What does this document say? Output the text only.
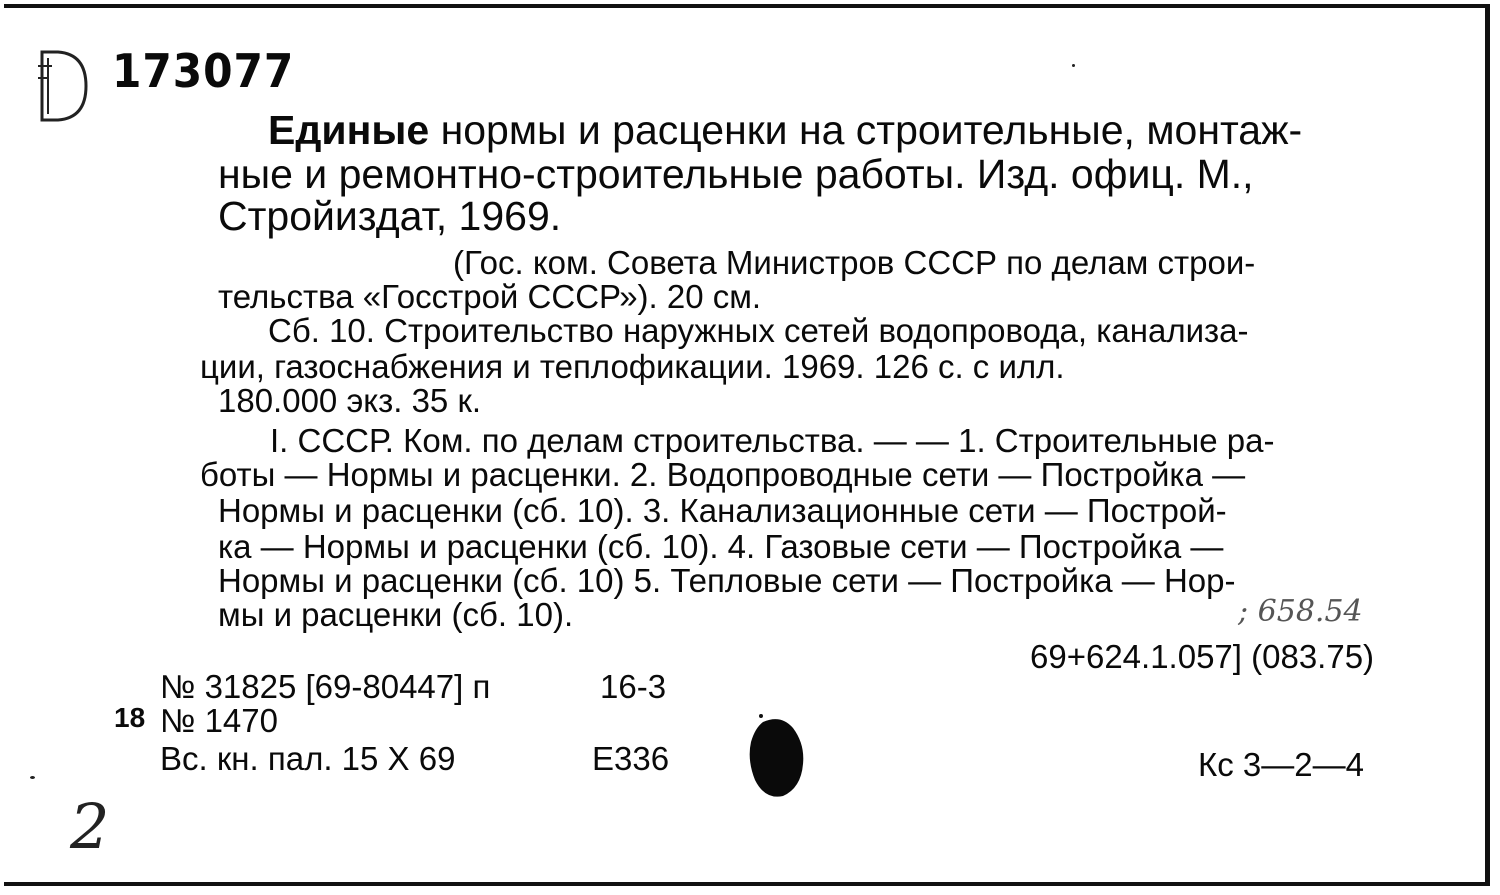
173077
Единые нормы и расценки на строительные, монтаж-
ные и ремонтно-строительные работы. Изд. офиц. М.,
Стройиздат, 1969.
(Гос. ком. Совета Министров СССР по делам строи-
тельства «Госстрой СССР»). 20 см.
Сб. 10. Строительство наружных сетей водопровода, канализа-
ции, газоснабжения и теплофикации. 1969. 126 с. с илл.
180.000 экз. 35 к.
I. СССР. Ком. по делам строительства. — — 1. Строительные ра-
боты — Нормы и расценки. 2. Водопроводные сети — Постройка —
Нормы и расценки (сб. 10). 3. Канализационные сети — Построй-
ка — Нормы и расценки (сб. 10). 4. Газовые сети — Постройка —
Нормы и расценки (сб. 10) 5. Тепловые сети — Постройка — Нор-
мы и расценки (сб. 10).	; 658.54
69+624.1.057] (083.75)
№ 31825 [69-80447] п	16-3
18 № 1470
Вс. кн. пал. 15 X 69	Е336	Кс 3—2—4
2
